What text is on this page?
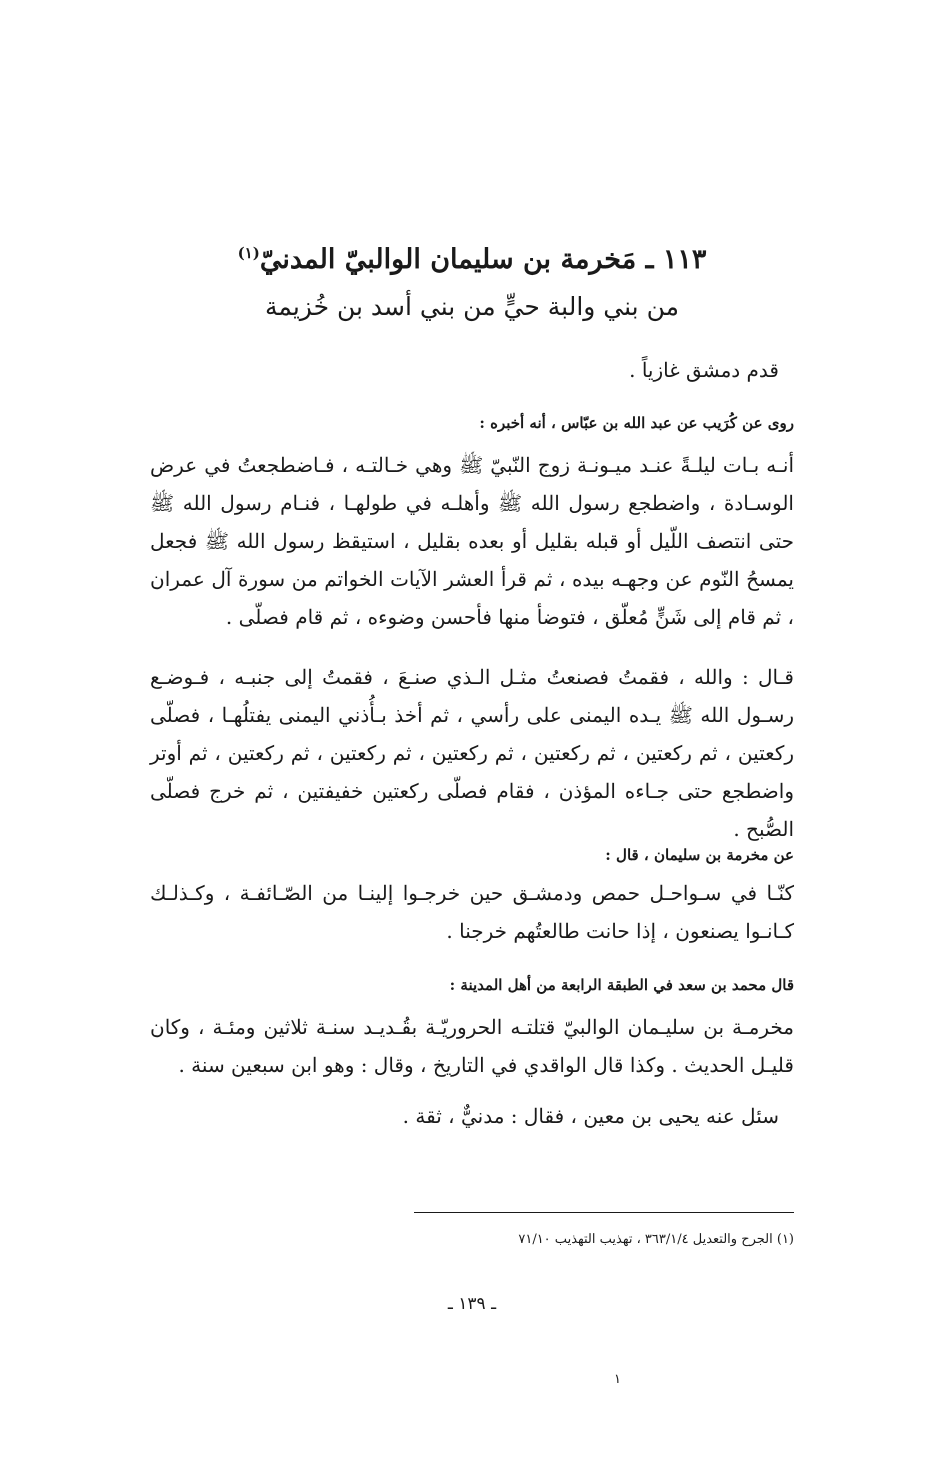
١١٣ ـ مَخرمة بن سليمان الوالبيّ المدنيّ$^{(١)}$
من بني والبة حيٍّ من بني أسد بن خُزيمة
قدم دمشق غازياً .
روى عن كُرَيب عن عبد الله بن عبّاس ، أنه أخبره :
أنـه بـات ليلـةً عنـد ميـونـة زوج النّبيّ ﷺ وهي خـالتـه ، فـاضطجعتُ في عرض الوسـادة ، واضطجع رسول الله ﷺ وأهلـه في طولهـا ، فنـام رسول الله ﷺ حتى انتصف اللّيل أو قبله بقليل أو بعده بقليل ، استيقظ رسول الله ﷺ فجعل يمسحُ النّوم عن وجهـه بيده ، ثم قرأ العشر الآيات الخواتم من سورة آل عمران ، ثم قام إلى شَنٍّ مُعلّق ، فتوضأ منها فأحسن وضوءه ، ثم قام فصلّى .
قـال : والله ، فقمتُ فصنعتُ مثـل الـذي صنـعَ ، فقمتُ إلى جنبـه ، فـوضـع رسـول الله ﷺ يـده اليمنى على رأسي ، ثم أخذ بـأُذني اليمنى يفتلُهـا ، فصلّى ركعتين ، ثم ركعتين ، ثم ركعتين ، ثم ركعتين ، ثم ركعتين ، ثم ركعتين ، ثم أوتر واضطجع حتى جـاءه المؤذن ، فقام فصلّى ركعتين خفيفتين ، ثم خرج فصلّى الصُّبح .
عن مخرمة بن سليمان ، قال :
كنّـا في سـواحـل حمص ودمشـق حين خرجـوا إلينـا من الصّـائفـة ، وكـذلـك كـانـوا يصنعون ، إذا حانت طالعتُهم خرجنا .
قال محمد بن سعد في الطبقة الرابعة من أهل المدينة :
مخرمـة بن سليـمان الوالبيّ قتلتـه الحروريّـة بقُـديـد سنـة ثلاثين ومئـة ، وكان قليـل الحديث . وكذا قال الواقدي في التاريخ ، وقال : وهو ابن سبعين سنة .
سئل عنه يحيى بن معين ، فقال : مدنيٌّ ، ثقة .
(١) الجرح والتعديل ٣٦٣/١/٤ ، تهذيب التهذيب ٧١/١٠
ـ ١٣٩ ـ
١
